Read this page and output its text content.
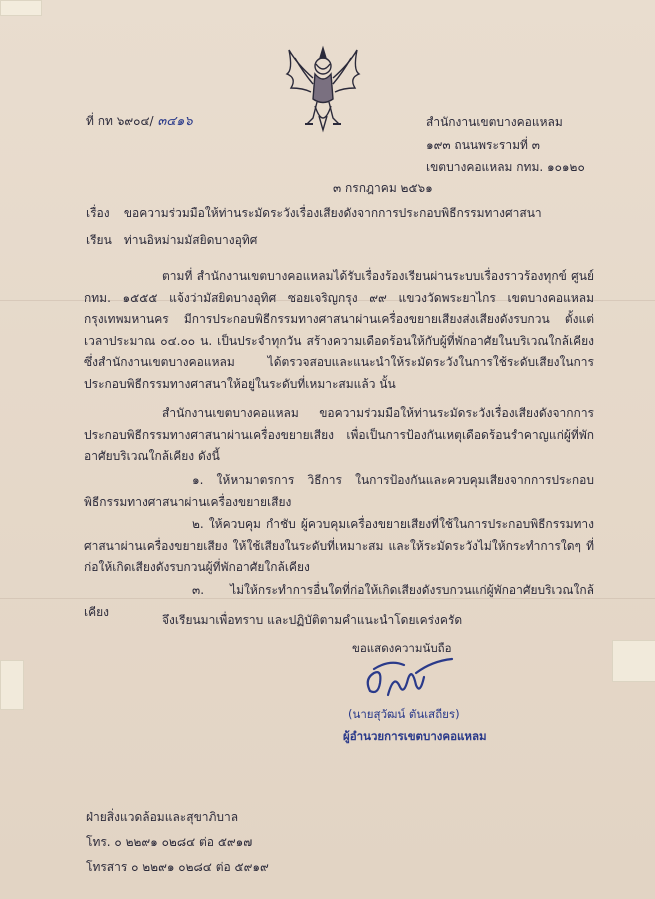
ที่ กท ๖๙๐๔/ ๓๔๑๖	สำนักงานเขตบางคอแหลม
๑๙๓ ถนนพระรามที่ ๓
เขตบางคอแหลม กทม. ๑๐๑๒๐
๓ กรกฎาคม ๒๕๖๑
เรื่อง ขอความร่วมมือให้ท่านระมัดระวังเรื่องเสียงดังจากการประกอบพิธีกรรมทางศาสนา
เรียน ท่านอิหม่ามมัสยิดบางอุทิศ
ตามที่ สำนักงานเขตบางคอแหลมได้รับเรื่องร้องเรียนผ่านระบบเรื่องราวร้องทุกข์ ศูนย์ กทม. ๑๕๕๕ แจ้งว่ามัสยิดบางอุทิศ ซอยเจริญกรุง ๙๙ แขวงวัดพระยาไกร เขตบางคอแหลม กรุงเทพมหานคร มีการประกอบพิธีกรรมทางศาสนาผ่านเครื่องขยายเสียงส่งเสียงดังรบกวน ตั้งแต่เวลาประมาณ ๐๔.๐๐ น. เป็นประจำทุกวัน สร้างความเดือดร้อนให้กับผู้ที่พักอาศัยในบริเวณใกล้เคียง ซึ่งสำนักงานเขตบางคอแหลม ได้ตรวจสอบและแนะนำให้ระมัดระวังในการใช้ระดับเสียงในการประกอบพิธีกรรมทางศาสนาให้อยู่ในระดับที่เหมาะสมแล้ว นั้น
สำนักงานเขตบางคอแหลม ขอความร่วมมือให้ท่านระมัดระวังเรื่องเสียงดังจากการประกอบพิธีกรรมทางศาสนาผ่านเครื่องขยายเสียง เพื่อเป็นการป้องกันเหตุเดือดร้อนรำคาญแก่ผู้ที่พักอาศัยบริเวณใกล้เคียง ดังนี้
๑. ให้หามาตรการ วิธีการ ในการป้องกันและควบคุมเสียงจากการประกอบพิธีกรรมทางศาสนาผ่านเครื่องขยายเสียง
๒. ให้ควบคุม กำชับ ผู้ควบคุมเครื่องขยายเสียงที่ใช้ในการประกอบพิธีกรรมทางศาสนาผ่านเครื่องขยายเสียง ให้ใช้เสียงในระดับที่เหมาะสม และให้ระมัดระวังไม่ให้กระทำการใดๆ ที่ก่อให้เกิดเสียงดังรบกวนผู้ที่พักอาศัยใกล้เคียง
๓. ไม่ให้กระทำการอื่นใดที่ก่อให้เกิดเสียงดังรบกวนแก่ผู้พักอาศัยบริเวณใกล้เคียง
จึงเรียนมาเพื่อทราบ และปฏิบัติตามคำแนะนำโดยเคร่งครัด
ขอแสดงความนับถือ
(นายสุวัฒน์ ตันเสถียร)
ผู้อำนวยการเขตบางคอแหลม
ฝ่ายสิ่งแวดล้อมและสุขาภิบาล
โทร. ๐ ๒๒๙๑ ๐๒๘๔ ต่อ ๕๙๑๗
โทรสาร ๐ ๒๒๙๑ ๐๒๘๔ ต่อ ๕๙๑๙
